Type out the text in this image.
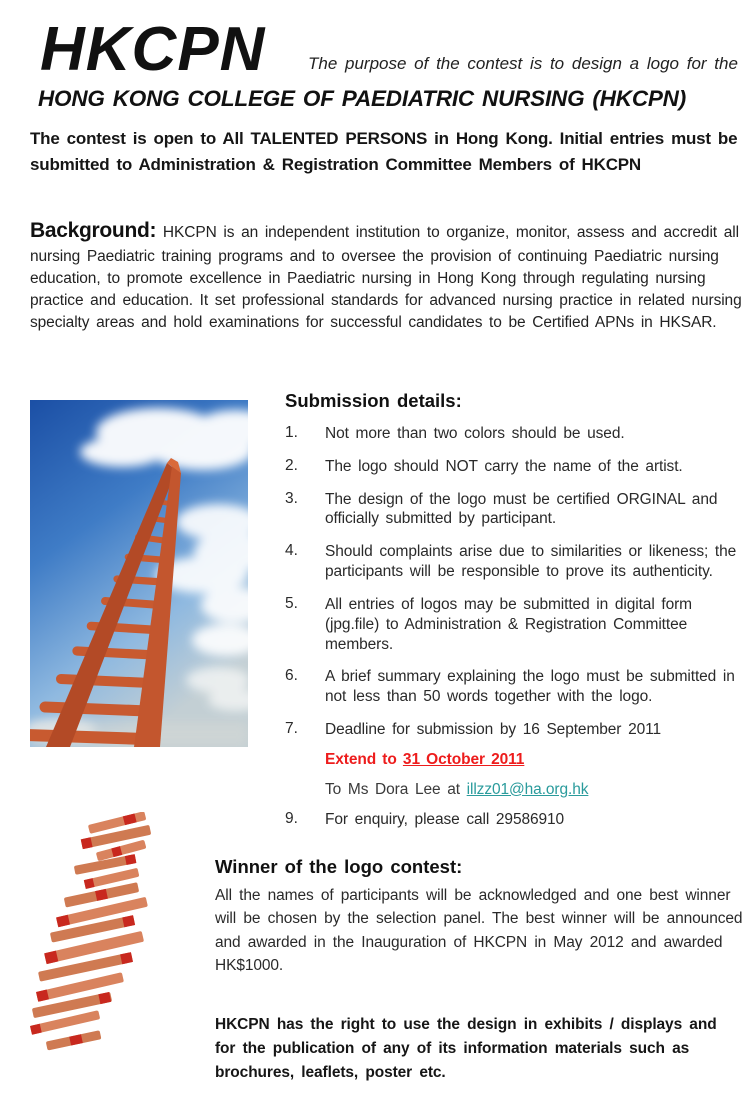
HKCPN	The purpose of the contest is to design a logo for the
HONG KONG COLLEGE OF PAEDIATRIC NURSING (HKCPN)
The contest is open to All TALENTED PERSONS in Hong Kong. Initial entries must be submitted to Administration & Registration Committee Members of HKCPN

Background: HKCPN is an independent institution to organize, monitor, assess and accredit all nursing Paediatric training programs and to oversee the provision of continuing Paediatric nursing education, to promote excellence in Paediatric nursing in Hong Kong through regulating nursing practice and education. It set professional standards for advanced nursing practice in related nursing specialty areas and hold examinations for successful candidates to be Certified APNs in HKSAR.

Submission details:
1.	Not more than two colors should be used.
2.	The logo should NOT carry the name of the artist.
3.	The design of the logo must be certified ORGINAL and officially submitted by participant.
4.	Should complaints arise due to similarities or likeness; the participants will be responsible to prove its authenticity.
5.	All entries of logos may be submitted in digital form (jpg.file) to Administration & Registration Committee members.
6.	A brief summary explaining the logo must be submitted in not less than 50 words together with the logo.
7.	Deadline for submission by 16 September 2011
Extend to 31 October 2011
To Ms Dora Lee at illzz01@ha.org.hk
9.	For enquiry, please call 29586910
Winner of the logo contest:

All the names of participants will be acknowledged and one best winner will be chosen by the selection panel. The best winner will be announced and awarded in the Inauguration of HKCPN in May 2012 and awarded HK$1000.

HKCPN has the right to use the design in exhibits / displays and for the publication of any of its information materials such as brochures, leaflets, poster etc.
